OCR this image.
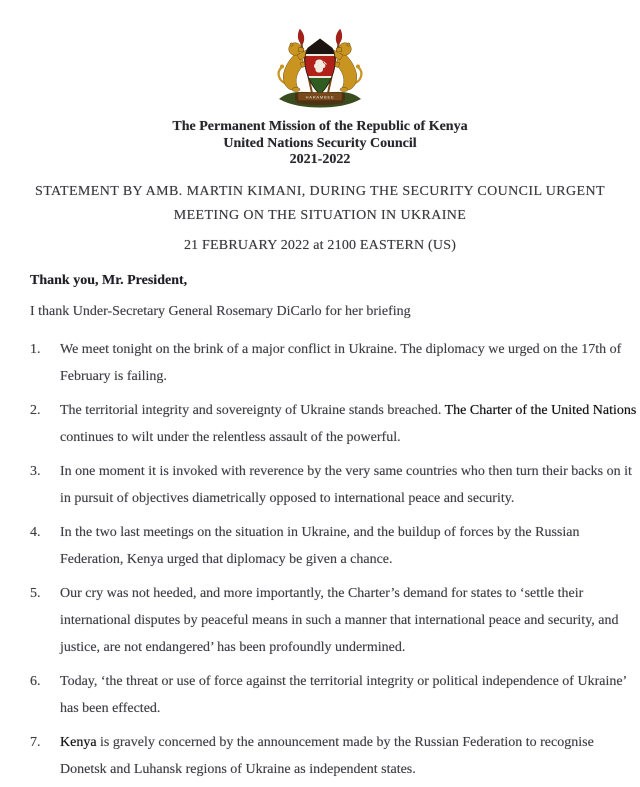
HARAMBEE
The Permanent Mission of the Republic of Kenya
United Nations Security Council
2021-2022
STATEMENT BY AMB. MARTIN KIMANI, DURING THE SECURITY COUNCIL URGENT
MEETING ON THE SITUATION IN UKRAINE
21 FEBRUARY 2022 at 2100 EASTERN (US)

Thank you, Mr. President,

I thank Under-Secretary General Rosemary DiCarlo for her briefing

1.	We meet tonight on the brink of a major conflict in Ukraine. The diplomacy we urged on the 17th of
February is failing.
2.	The territorial integrity and sovereignty of Ukraine stands breached. The Charter of the United Nations
continues to wilt under the relentless assault of the powerful.
3.	In one moment it is invoked with reverence by the very same countries who then turn their backs on it
in pursuit of objectives diametrically opposed to international peace and security.
4.	In the two last meetings on the situation in Ukraine, and the buildup of forces by the Russian
Federation, Kenya urged that diplomacy be given a chance.
5.	Our cry was not heeded, and more importantly, the Charter’s demand for states to ‘settle their
international disputes by peaceful means in such a manner that international peace and security, and
justice, are not endangered’ has been profoundly undermined.
6.	Today, ‘the threat or use of force against the territorial integrity or political independence of Ukraine’
has been effected.
7.	Kenya is gravely concerned by the announcement made by the Russian Federation to recognise
Donetsk and Luhansk regions of Ukraine as independent states.
